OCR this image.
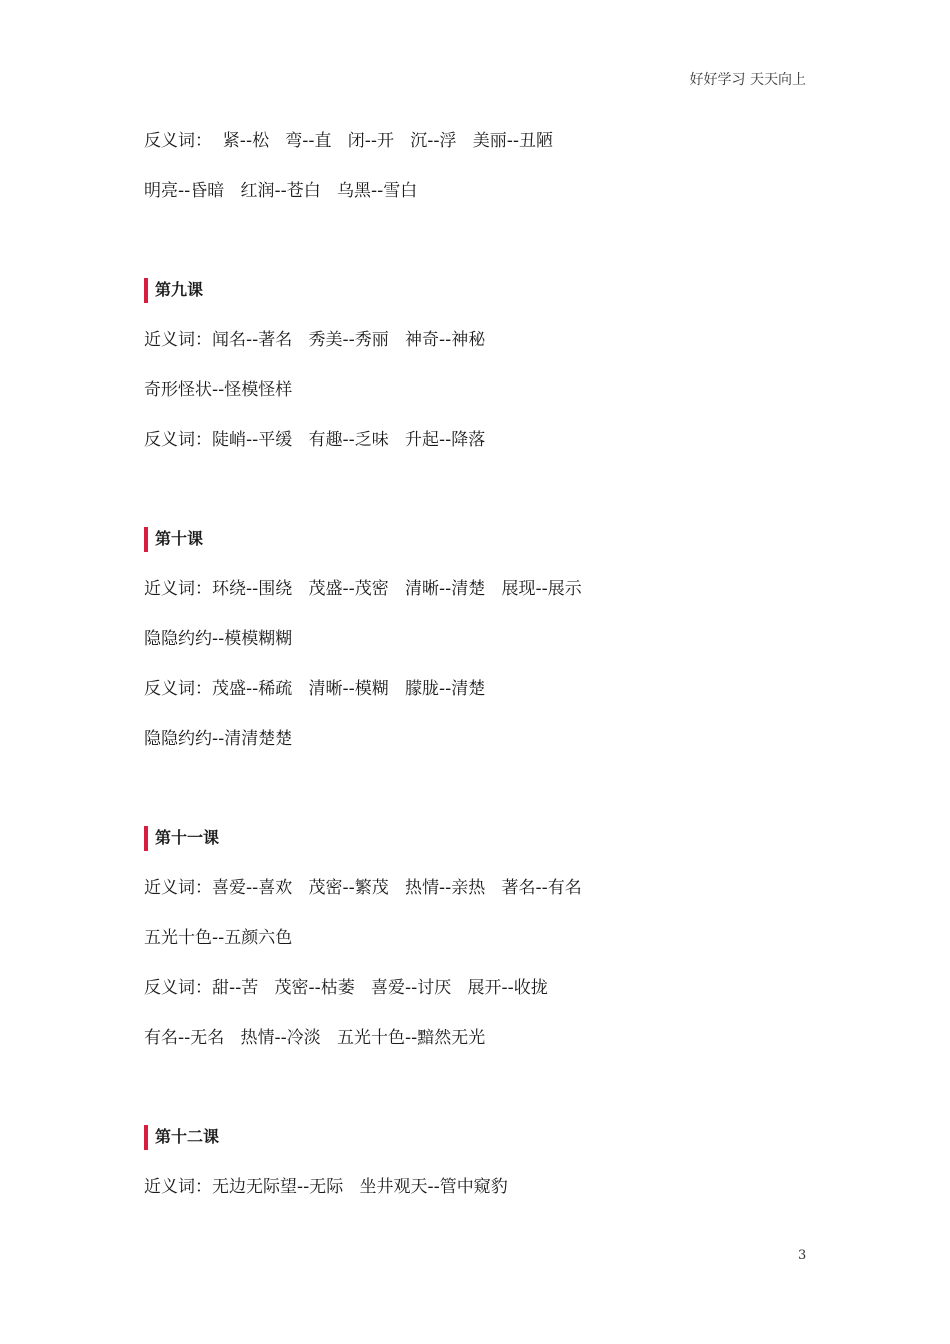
好好学习 天天向上
反义词：  紧--松   弯--直   闭--开   沉--浮   美丽--丑陋
明亮--昏暗   红润--苍白   乌黑--雪白
第九课
近义词：闻名--著名   秀美--秀丽   神奇--神秘
奇形怪状--怪模怪样
反义词：陡峭--平缓   有趣--乏味   升起--降落
第十课
近义词：环绕--围绕   茂盛--茂密   清晰--清楚   展现--展示
隐隐约约--模模糊糊
反义词：茂盛--稀疏   清晰--模糊   朦胧--清楚
隐隐约约--清清楚楚
第十一课
近义词：喜爱--喜欢   茂密--繁茂   热情--亲热   著名--有名
五光十色--五颜六色
反义词：甜--苦   茂密--枯萎   喜爱--讨厌   展开--收拢
有名--无名   热情--冷淡   五光十色--黯然无光
第十二课
近义词：无边无际望--无际   坐井观天--管中窥豹
3
